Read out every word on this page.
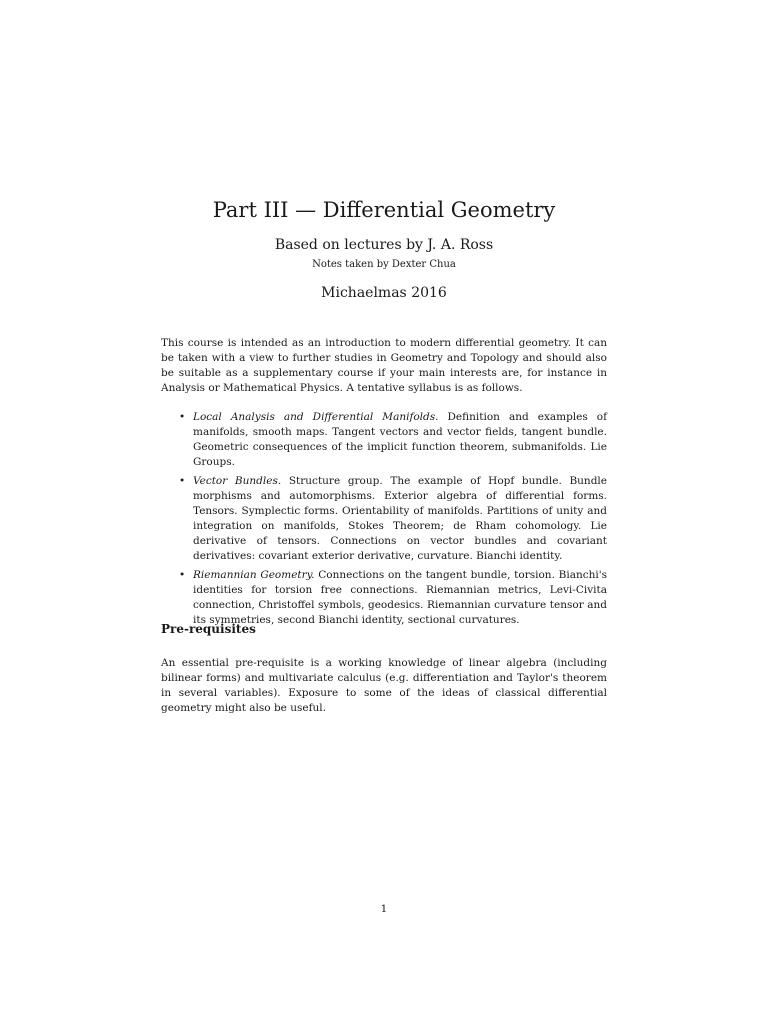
Part III — Differential Geometry
Based on lectures by J. A. Ross
Notes taken by Dexter Chua
Michaelmas 2016

This course is intended as an introduction to modern differential geometry. It can be taken with a view to further studies in Geometry and Topology and should also be suitable as a supplementary course if your main interests are, for instance in Analysis or Mathematical Physics. A tentative syllabus is as follows.

• Local Analysis and Differential Manifolds. Definition and examples of manifolds, smooth maps. Tangent vectors and vector fields, tangent bundle. Geometric consequences of the implicit function theorem, submanifolds. Lie Groups.
• Vector Bundles. Structure group. The example of Hopf bundle. Bundle morphisms and automorphisms. Exterior algebra of differential forms. Tensors. Symplectic forms. Orientability of manifolds. Partitions of unity and integration on manifolds, Stokes Theorem; de Rham cohomology. Lie derivative of tensors. Connections on vector bundles and covariant derivatives: covariant exterior derivative, curvature. Bianchi identity.
• Riemannian Geometry. Connections on the tangent bundle, torsion. Bianchi's identities for torsion free connections. Riemannian metrics, Levi-Civita connection, Christoffel symbols, geodesics. Riemannian curvature tensor and its symmetries, second Bianchi identity, sectional curvatures.
Pre-requisites

An essential pre-requisite is a working knowledge of linear algebra (including bilinear forms) and multivariate calculus (e.g. differentiation and Taylor's theorem in several variables). Exposure to some of the ideas of classical differential geometry might also be useful.

1
